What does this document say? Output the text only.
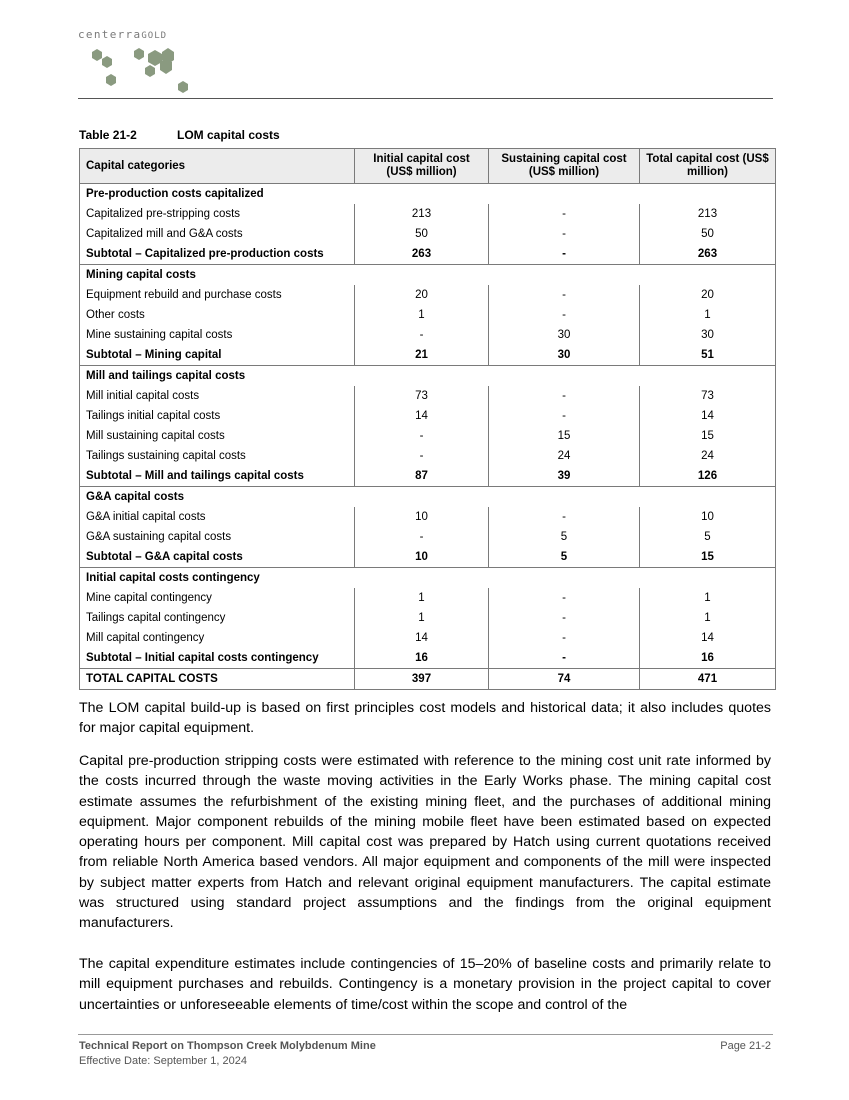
centerraGOLD
Table 21-2	LOM capital costs
Capital categories	Initial capital cost (US$ million)	Sustaining capital cost (US$ million)	Total capital cost (US$ million)
Pre-production costs capitalized			
Capitalized pre-stripping costs	213	-	213
Capitalized mill and G&A costs	50	-	50
Subtotal – Capitalized pre-production costs	263	-	263
Mining capital costs			
Equipment rebuild and purchase costs	20	-	20
Other costs	1	-	1
Mine sustaining capital costs	-	30	30
Subtotal – Mining capital	21	30	51
Mill and tailings capital costs			
Mill initial capital costs	73	-	73
Tailings initial capital costs	14	-	14
Mill sustaining capital costs	-	15	15
Tailings sustaining capital costs	-	24	24
Subtotal – Mill and tailings capital costs	87	39	126
G&A capital costs			
G&A initial capital costs	10	-	10
G&A sustaining capital costs	-	5	5
Subtotal – G&A capital costs	10	5	15
Initial capital costs contingency			
Mine capital contingency	1	-	1
Tailings capital contingency	1	-	1
Mill capital contingency	14	-	14
Subtotal – Initial capital costs contingency	16	-	16
TOTAL CAPITAL COSTS	397	74	471
The LOM capital build-up is based on first principles cost models and historical data; it also includes quotes for major capital equipment.
Capital pre-production stripping costs were estimated with reference to the mining cost unit rate informed by the costs incurred through the waste moving activities in the Early Works phase. The mining capital cost estimate assumes the refurbishment of the existing mining fleet, and the purchases of additional mining equipment. Major component rebuilds of the mining mobile fleet have been estimated based on expected operating hours per component. Mill capital cost was prepared by Hatch using current quotations received from reliable North America based vendors. All major equipment and components of the mill were inspected by subject matter experts from Hatch and relevant original equipment manufacturers. The capital estimate was structured using standard project assumptions and the findings from the original equipment manufacturers.
The capital expenditure estimates include contingencies of 15–20% of baseline costs and primarily relate to mill equipment purchases and rebuilds. Contingency is a monetary provision in the project capital to cover uncertainties or unforeseeable elements of time/cost within the scope and control of the
Technical Report on Thompson Creek Molybdenum Mine
Effective Date: September 1, 2024
Page 21-2
